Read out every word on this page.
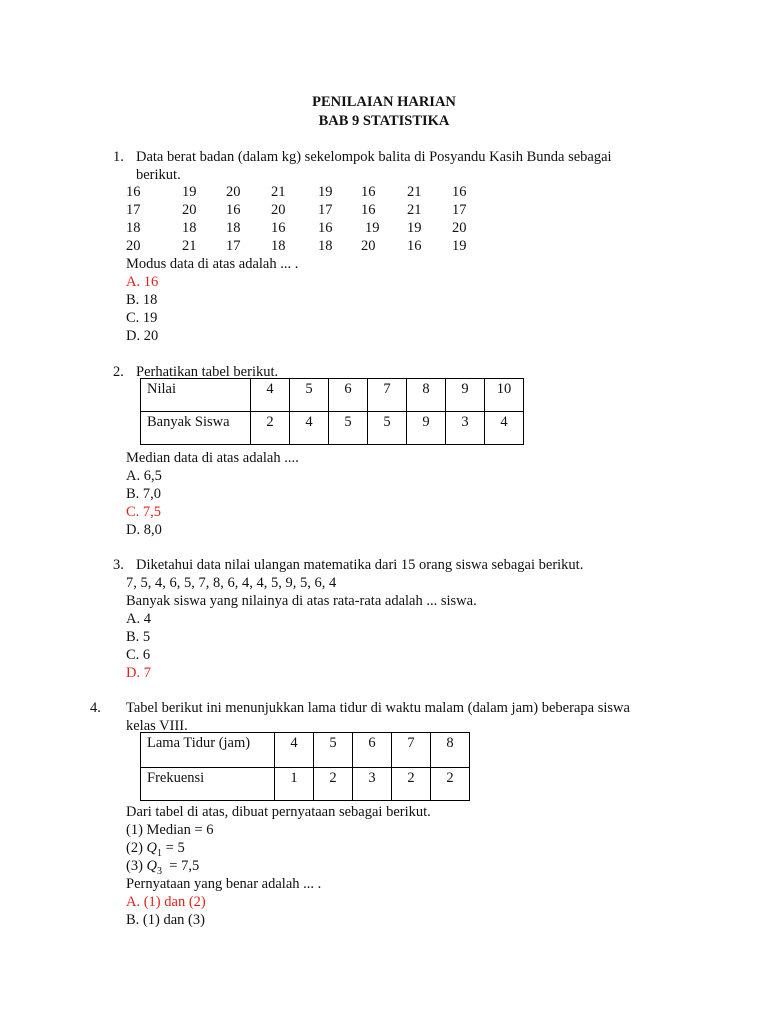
PENILAIAN HARIAN
BAB 9 STATISTIKA
1. Data berat badan (dalam kg) sekelompok balita di Posyandu Kasih Bunda sebagai
berikut.
16	19 20 21 19 16 21 16
17	20 16 20 17 16 21 17
18	18 18 16 16 19 19 20
20	21 17 18 18 20 16 19
Modus data di atas adalah ... .
A. 16
B. 18
C. 19
D. 20
2. Perhatikan tabel berikut.
Nilai	4	5	6	7	8	9	10
Banyak Siswa	2	4	5	5	9	3	4
Median data di atas adalah ....
A. 6,5
B. 7,0
C. 7,5
D. 8,0
3. Diketahui data nilai ulangan matematika dari 15 orang siswa sebagai berikut.
7, 5, 4, 6, 5, 7, 8, 6, 4, 4, 5, 9, 5, 6, 4
Banyak siswa yang nilainya di atas rata-rata adalah ... siswa.
A. 4
B. 5
C. 6
D. 7
4. Tabel berikut ini menunjukkan lama tidur di waktu malam (dalam jam) beberapa siswa
kelas VIII.
Lama Tidur (jam)	4	5	6	7	8
Frekuensi	1	2	3	2	2
Dari tabel di atas, dibuat pernyataan sebagai berikut.
(1) Median = 6
(2) $Q_1 = 5$
(3) $Q_3 = 7,5$
Pernyataan yang benar adalah ... .
A. (1) dan (2)
B. (1) dan (3)
